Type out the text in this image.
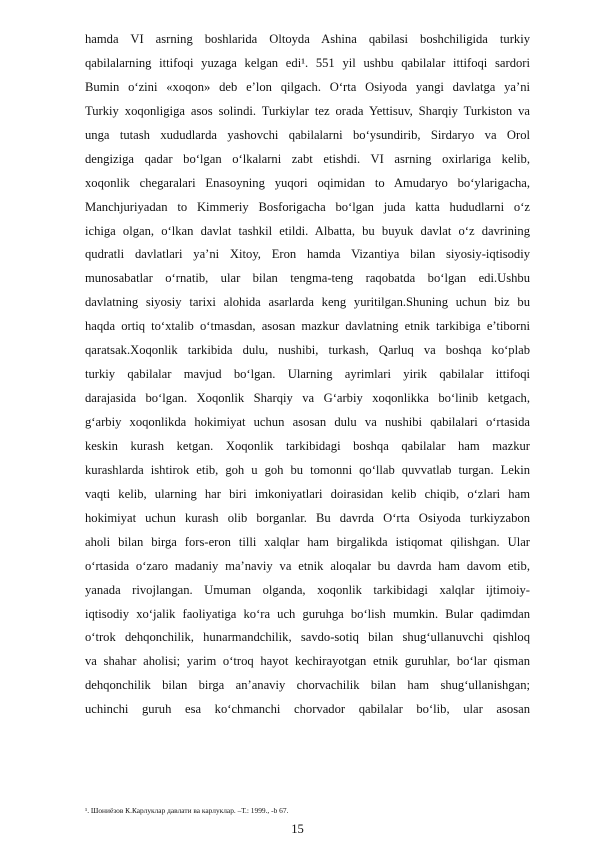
hamda VI asrning boshlarida Oltoyda Ashina qabilasi boshchiligida turkiy
qabilalarning ittifoqi yuzaga kelgan edi¹. 551 yil ushbu qabilalar ittifoqi sardori
Bumin o‘zini «xoqon» deb e’lon qilgach. O‘rta Osiyoda yangi davlatga ya’ni
Turkiy xoqonligiga asos solindi. Turkiylar tez orada Yettisuv, Sharqiy Turkiston va
unga tutash xududlarda yashovchi qabilalarni bo‘ysundirib, Sirdaryo va Orol
dengiziga qadar bo‘lgan o‘lkalarni zabt etishdi. VI asrning oxirlariga kelib,
xoqonlik chegaralari Enasoyning yuqori oqimidan to Amudaryo bo‘ylarigacha,
Manchjuriyadan to Kimmeriy Bosforigacha bo‘lgan juda katta hududlarni o‘z
ichiga olgan, o‘lkan davlat tashkil etildi. Albatta, bu buyuk davlat o‘z davrining
qudratli davlatlari ya’ni Xitoy, Eron hamda Vizantiya bilan siyosiy-iqtisodiy
munosabatlar o‘rnatib, ular bilan tengma-teng raqobatda bo‘lgan edi.Ushbu
davlatning siyosiy tarixi alohida asarlarda keng yuritilgan.Shuning uchun biz bu
haqda ortiq to‘xtalib o‘tmasdan, asosan mazkur davlatning etnik tarkibiga e’tiborni
qaratsak.Xoqonlik tarkibida dulu, nushibi, turkash, Qarluq va boshqa ko‘plab
turkiy qabilalar mavjud bo‘lgan. Ularning ayrimlari yirik qabilalar ittifoqi
darajasida bo‘lgan. Xoqonlik Sharqiy va G‘arbiy xoqonlikka bo‘linib ketgach,
g‘arbiy xoqonlikda hokimiyat uchun asosan dulu va nushibi qabilalari o‘rtasida
keskin kurash ketgan. Xoqonlik tarkibidagi boshqa qabilalar ham mazkur
kurashlarda ishtirok etib, goh u goh bu tomonni qo‘llab quvvatlab turgan. Lekin
vaqti kelib, ularning har biri imkoniyatlari doirasidan kelib chiqib, o‘zlari ham
hokimiyat uchun kurash olib borganlar. Bu davrda O‘rta Osiyoda turkiyzabon
aholi bilan birga fors-eron tilli xalqlar ham birgalikda istiqomat qilishgan. Ular
o‘rtasida o‘zaro madaniy ma’naviy va etnik aloqalar bu davrda ham davom etib,
yanada rivojlangan. Umuman olganda, xoqonlik tarkibidagi xalqlar ijtimoiy-
iqtisodiy xo‘jalik faoliyatiga ko‘ra uch guruhga bo‘lish mumkin. Bular qadimdan
o‘trok dehqonchilik, hunarmandchilik, savdo-sotiq bilan shug‘ullanuvchi qishloq
va shahar aholisi; yarim o‘troq hayot kechirayotgan etnik guruhlar, bo‘lar qisman
dehqonchilik bilan birga an’anaviy chorvachilik bilan ham shug‘ullanishgan;
uchinchi guruh esa ko‘chmanchi chorvador qabilalar bo‘lib, ular asosan
¹. Шониёзов К.Карлуклар давлати ва карлуклар. –Т.: 1999., -b 67.
15
